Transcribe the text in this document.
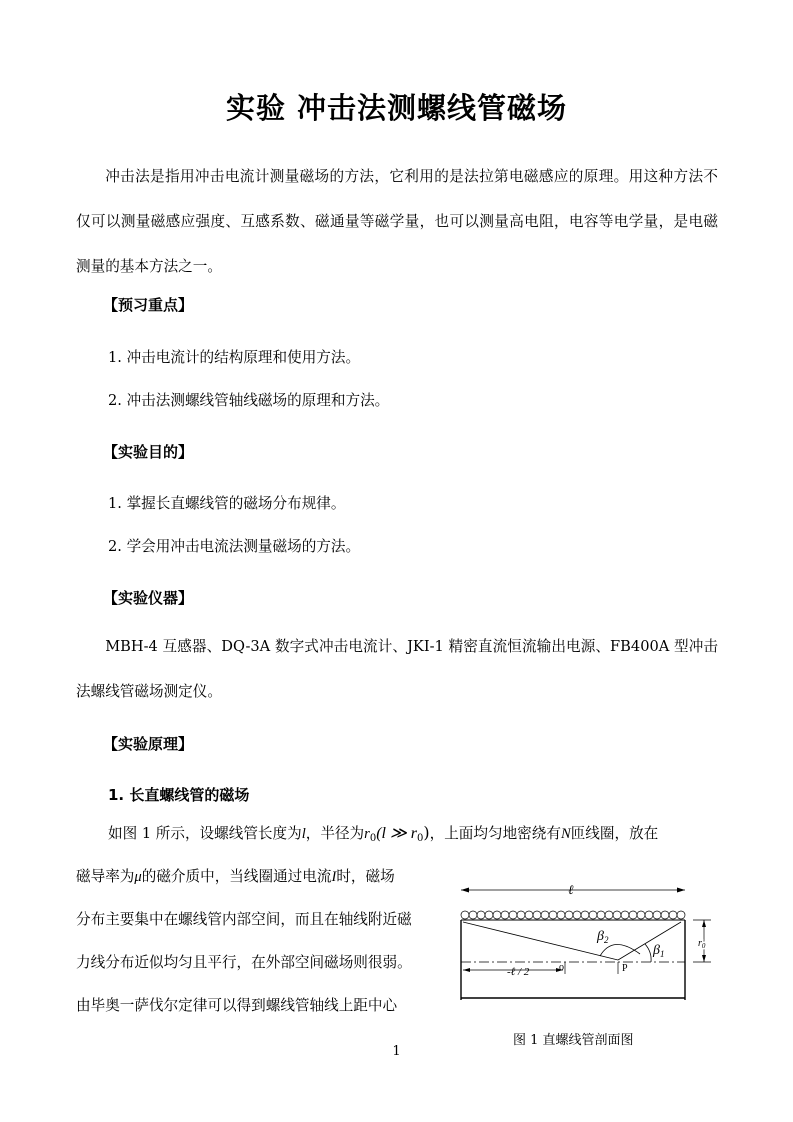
实验 冲击法测螺线管磁场
冲击法是指用冲击电流计测量磁场的方法，它利用的是法拉第电磁感应的原理。用这种方法不仅可以测量磁感应强度、互感系数、磁通量等磁学量，也可以测量高电阻，电容等电学量，是电磁测量的基本方法之一。
【预习重点】
1. 冲击电流计的结构原理和使用方法。
2. 冲击法测螺线管轴线磁场的原理和方法。
【实验目的】
1. 掌握长直螺线管的磁场分布规律。
2. 学会用冲击电流法测量磁场的方法。
【实验仪器】
MBH-4 互感器、DQ-3A 数字式冲击电流计、JKI-1 精密直流恒流输出电源、FB400A 型冲击法螺线管磁场测定仪。
【实验原理】
1. 长直螺线管的磁场
如图 1 所示，设螺线管长度为l，半径为$r_0(l$ ≫ $r_0$)，上面均匀地密绕有N匝线圈，放在
磁导率为μ的磁介质中，当线圈通过电流I时，磁场
分布主要集中在螺线管内部空间，而且在轴线附近磁
力线分布近似均匀且平行，在外部空间磁场则很弱。
由毕奥一萨伐尔定律可以得到螺线管轴线上距中心
ℓ
-ℓ / 2	o	P
$\beta_2$
$\beta_1$
$r_0$
图 1 直螺线管剖面图
1
